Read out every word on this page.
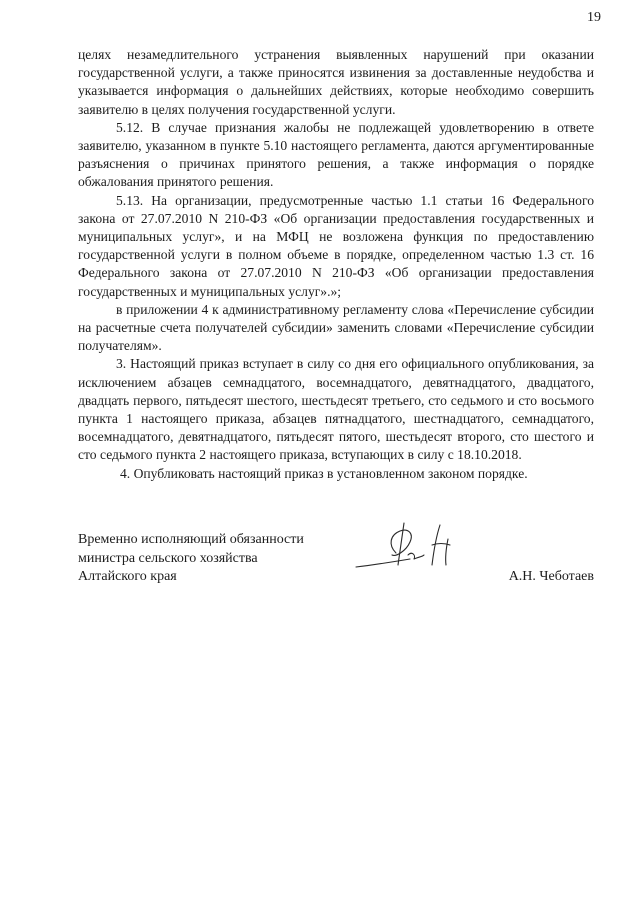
19

целях незамедлительного устранения выявленных нарушений при оказании государственной услуги, а также приносятся извинения за доставленные неудобства и указывается информация о дальнейших действиях, которые необходимо совершить заявителю в целях получения государственной услуги.

5.12. В случае признания жалобы не подлежащей удовлетворению в ответе заявителю, указанном в пункте 5.10 настоящего регламента, даются аргументированные разъяснения о причинах принятого решения, а также информация о порядке обжалования принятого решения.

5.13. На организации, предусмотренные частью 1.1 статьи 16 Федерального закона от 27.07.2010 N 210-ФЗ «Об организации предоставления государственных и муниципальных услуг», и на МФЦ не возложена функция по предоставлению государственной услуги в полном объеме в порядке, определенном частью 1.3 ст. 16 Федерального закона от 27.07.2010 N 210-ФЗ «Об организации предоставления государственных и муниципальных услуг».»;

в приложении 4 к административному регламенту слова «Перечисление субсидии на расчетные счета получателей субсидии» заменить словами «Перечисление субсидии получателям».

3. Настоящий приказ вступает в силу со дня его официального опубликования, за исключением абзацев семнадцатого, восемнадцатого, девятнадцатого, двадцатого, двадцать первого, пятьдесят шестого, шестьдесят третьего, сто седьмого и сто восьмого пункта 1 настоящего приказа, абзацев пятнадцатого, шестнадцатого, семнадцатого, восемнадцатого, девятнадцатого, пятьдесят пятого, шестьдесят второго, сто шестого и сто седьмого пункта 2 настоящего приказа, вступающих в силу с 18.10.2018.

4. Опубликовать настоящий приказ в установленном законом порядке.

Временно исполняющий обязанности
министра сельского хозяйства
Алтайского края	А.Н. Чеботаев
